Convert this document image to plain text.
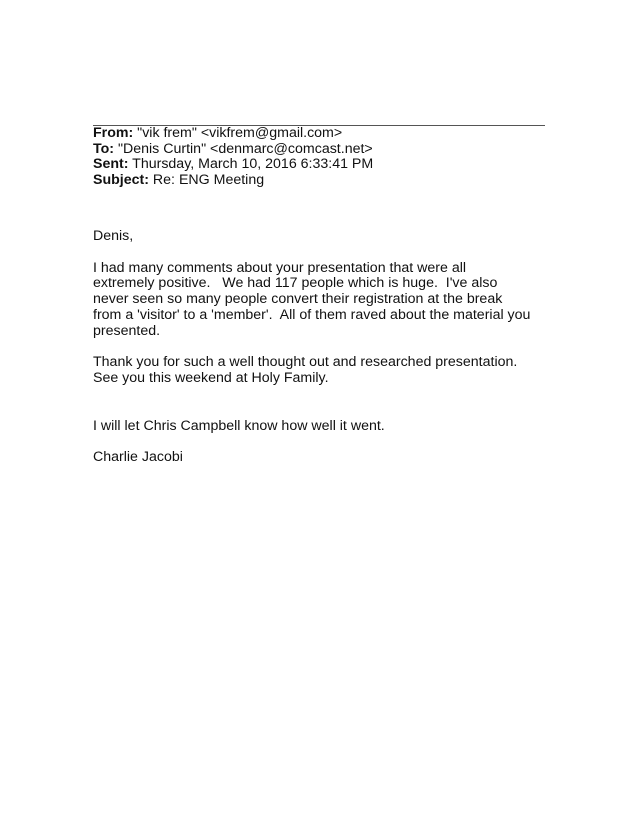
From: "vik frem" <vikfrem@gmail.com>
To: "Denis Curtin" <denmarc@comcast.net>
Sent: Thursday, March 10, 2016 6:33:41 PM
Subject: Re: ENG Meeting

Denis,

I had many comments about your presentation that were all
extremely positive.   We had 117 people which is huge.  I've also
never seen so many people convert their registration at the break
from a 'visitor' to a 'member'.  All of them raved about the material you
presented.

Thank you for such a well thought out and researched presentation.
See you this weekend at Holy Family.

I will let Chris Campbell know how well it went.

Charlie Jacobi
